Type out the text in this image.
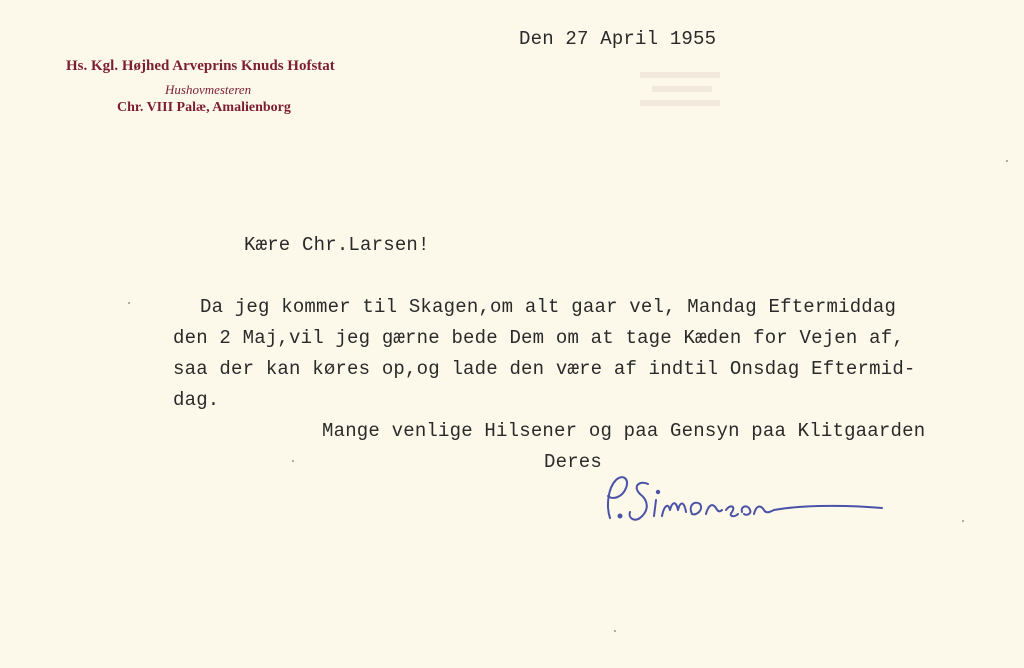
Hs. Kgl. Højhed Arveprins Knuds Hofstat
Hushovmesteren
Chr. VIII Palæ, Amalienborg
Den 27 April 1955
Kære Chr.Larsen!
Da jeg kommer til Skagen,om alt gaar vel, Mandag Eftermiddag
den 2 Maj,vil jeg gærne bede Dem om at tage Kæden for Vejen af,
saa der kan køres op,og lade den være af indtil Onsdag Eftermid-
dag.
Mange venlige Hilsener og paa Gensyn paa Klitgaarden
Deres
